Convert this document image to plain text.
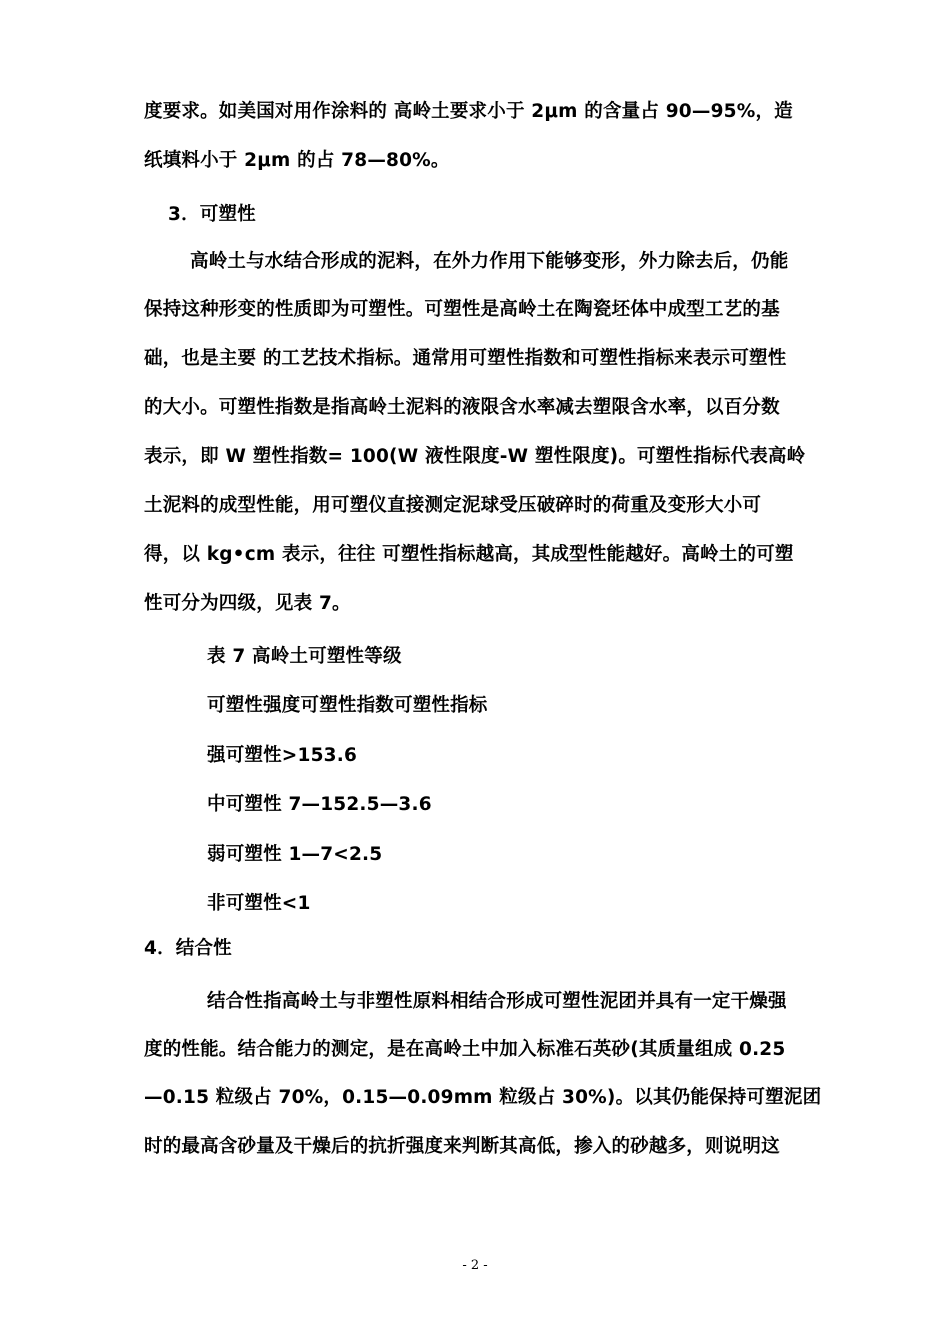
度要求。如美国对用作涂料的 高岭土要求小于 2μm 的含量占 90—95%，造
纸填料小于 2μm 的占 78—80%。
3．可塑性
高岭土与水结合形成的泥料，在外力作用下能够变形，外力除去后，仍能
保持这种形变的性质即为可塑性。可塑性是高岭土在陶瓷坯体中成型工艺的基
础，也是主要 的工艺技术指标。通常用可塑性指数和可塑性指标来表示可塑性
的大小。可塑性指数是指高岭土泥料的液限含水率减去塑限含水率，以百分数
表示，即 W 塑性指数= 100(W 液性限度-W 塑性限度)。可塑性指标代表高岭
土泥料的成型性能，用可塑仪直接测定泥球受压破碎时的荷重及变形大小可
得，以 kg•cm 表示，往往 可塑性指标越高，其成型性能越好。高岭土的可塑
性可分为四级，见表 7。
表 7 高岭土可塑性等级
可塑性强度可塑性指数可塑性指标
强可塑性>153.6
中可塑性 7—152.5—3.6
弱可塑性 1—7<2.5
非可塑性<1
4．结合性
结合性指高岭土与非塑性原料相结合形成可塑性泥团并具有一定干燥强
度的性能。结合能力的测定，是在高岭土中加入标准石英砂(其质量组成 0.25
—0.15 粒级占 70%，0.15—0.09mm 粒级占 30%)。以其仍能保持可塑泥团
时的最高含砂量及干燥后的抗折强度来判断其高低，掺入的砂越多，则说明这
- 2 -
